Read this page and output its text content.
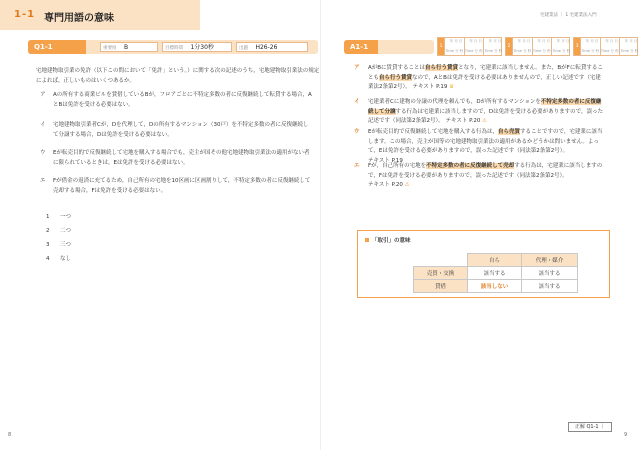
1-1 専門用語の意味	宅建業法 ｜ 1 宅建業法入門
Q1-1	重要度 B	目標時間 1分30秒	出題 H26-26
宅地建物取引業の免許（以下この問において「免許」という。）に関する次の記述のうち，宅地建物取引業法の規定によれば，正しいものはいくつあるか。
ア Aの所有する商業ビルを賃借しているBが，フロアごとに不特定多数の者に反復継続して転貸する場合，AとBは免許を受ける必要はない。
イ 宅地建物取引業者Cが，Dを代理して，Dの所有するマンション（30戸）を不特定多数の者に反復継続して分譲する場合，Dは免許を受ける必要はない。
ウ Eが転売目的で反復継続して宅地を購入する場合でも，売主が国その他宅地建物取引業法の適用がない者に限られているときは，Eは免許を受ける必要はない。
エ Fが借金の返済に充てるため，自己所有の宅地を10区画に区画割りして，不特定多数の者に反復継続して売却する場合，Fは免許を受ける必要はない。
1 一つ
2 二つ
3 三つ
4 なし
A1-1	1
年 月 日
Time 分 秒
年 月 日
Time 分 秒
年 月 日
Time 分 秒
2
年 月 日
Time 分 秒
年 月 日
Time 分 秒
年 月 日
Time 分 秒
3
年 月 日
Time 分 秒
年 月 日
Time 分 秒
年 月 日
Time 分 秒
ア AがBに賃貸することは自ら行う賃貸となり，宅建業に該当しません。また，BがFに転貸することも自ら行う賃貸なので，AとBは免許を受ける必要はありませんので，正しい記述です（宅建業法2条第2号）。 テキスト P.19 ♛
イ 宅建業者Cに建物の分譲の代理を頼んでも，Dが所有するマンションを不特定多数の者に反復継続して分譲する行為は宅建業に該当しますので，Dは免許を受ける必要がありますので，誤った記述です（同法第2条第2号）。 テキスト P.20 ⚠
ウ Eが転売目的で反復継続して宅地を購入する行為は，自ら売買することですので，宅建業に該当します。この場合，売主が国等の宅地建物取引業法の適用があるかどうかは問いません。よって，Eは免許を受ける必要がありますので，誤った記述です（同法第2条第2号）。 テキスト P.19
エ Fが，自己所有の宅地を不特定多数の者に反復継続して売却する行為は，宅建業に該当しますので，Fは免許を受ける必要がありますので，誤った記述です（同法第2条第2号）。 テキスト P.20 ⚠
「取引」の意味
	自ら	代理・媒介
売買・交換	該当する	該当する
貸借	該当しない	該当する
正解 Q1-1 ｜
8	9
